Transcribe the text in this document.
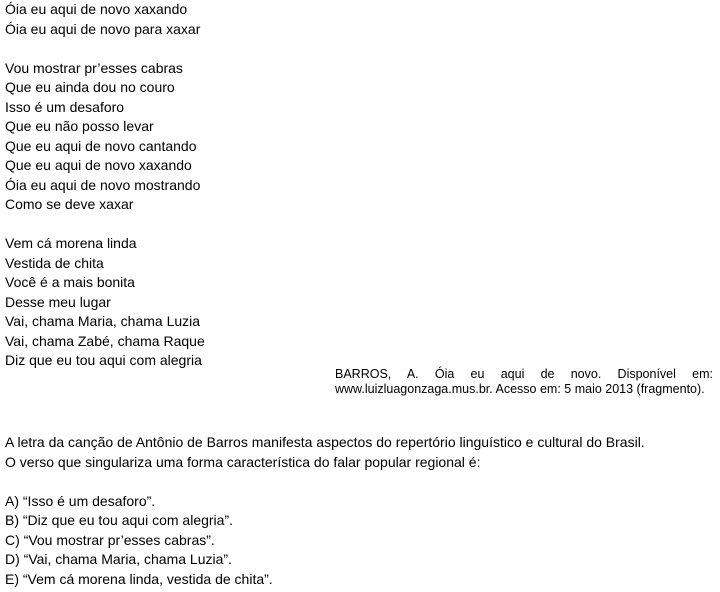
Óia eu aqui de novo xaxando
Óia eu aqui de novo para xaxar
Vou mostrar pr’esses cabras
Que eu ainda dou no couro
Isso é um desaforo
Que eu não posso levar
Que eu aqui de novo cantando
Que eu aqui de novo xaxando
Óia eu aqui de novo mostrando
Como se deve xaxar
Vem cá morena linda
Vestida de chita
Você é a mais bonita
Desse meu lugar
Vai, chama Maria, chama Luzia
Vai, chama Zabé, chama Raque
Diz que eu tou aqui com alegria
BARROS, A. Óia eu aqui de novo. Disponível em: www.luizluagonzaga.mus.br. Acesso em: 5 maio 2013 (fragmento).
A letra da canção de Antônio de Barros manifesta aspectos do repertório linguístico e cultural do Brasil.
O verso que singulariza uma forma característica do falar popular regional é:
A) “Isso é um desaforo”.
B) “Diz que eu tou aqui com alegria”.
C) “Vou mostrar pr’esses cabras”.
D) “Vai, chama Maria, chama Luzia”.
E) “Vem cá morena linda, vestida de chita”.
